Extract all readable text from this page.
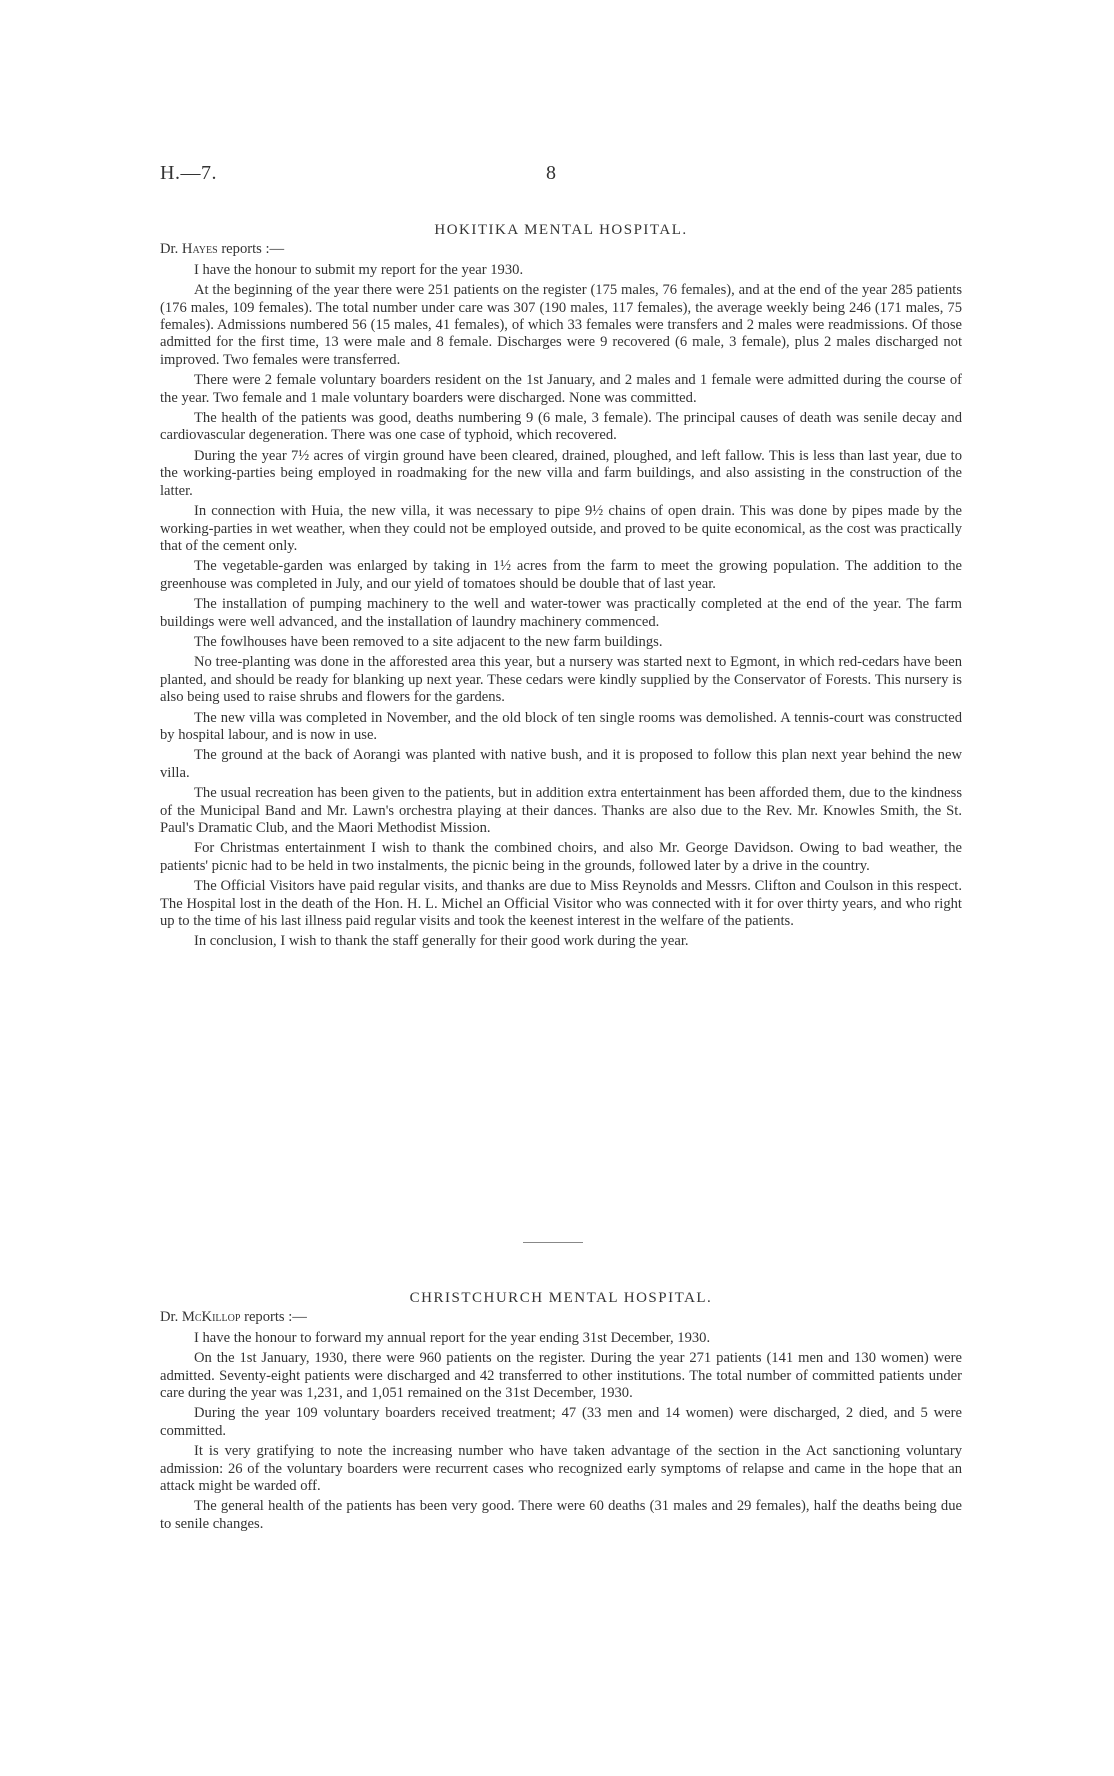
H.—7.	8
HOKITIKA MENTAL HOSPITAL.
Dr. Hayes reports :—

I have the honour to submit my report for the year 1930.

At the beginning of the year there were 251 patients on the register (175 males, 76 females), and at the end of the year 285 patients (176 males, 109 females). The total number under care was 307 (190 males, 117 females), the average weekly being 246 (171 males, 75 females). Admissions numbered 56 (15 males, 41 females), of which 33 females were transfers and 2 males were readmissions. Of those admitted for the first time, 13 were male and 8 female. Discharges were 9 recovered (6 male, 3 female), plus 2 males discharged not improved. Two females were transferred.

There were 2 female voluntary boarders resident on the 1st January, and 2 males and 1 female were admitted during the course of the year. Two female and 1 male voluntary boarders were discharged. None was committed.

The health of the patients was good, deaths numbering 9 (6 male, 3 female). The principal causes of death was senile decay and cardiovascular degeneration. There was one case of typhoid, which recovered.

During the year 7½ acres of virgin ground have been cleared, drained, ploughed, and left fallow. This is less than last year, due to the working-parties being employed in roadmaking for the new villa and farm buildings, and also assisting in the construction of the latter.

In connection with Huia, the new villa, it was necessary to pipe 9½ chains of open drain. This was done by pipes made by the working-parties in wet weather, when they could not be employed outside, and proved to be quite economical, as the cost was practically that of the cement only.

The vegetable-garden was enlarged by taking in 1½ acres from the farm to meet the growing population. The addition to the greenhouse was completed in July, and our yield of tomatoes should be double that of last year.

The installation of pumping machinery to the well and water-tower was practically completed at the end of the year. The farm buildings were well advanced, and the installation of laundry machinery commenced.

The fowlhouses have been removed to a site adjacent to the new farm buildings.

No tree-planting was done in the afforested area this year, but a nursery was started next to Egmont, in which red-cedars have been planted, and should be ready for blanking up next year. These cedars were kindly supplied by the Conservator of Forests. This nursery is also being used to raise shrubs and flowers for the gardens.

The new villa was completed in November, and the old block of ten single rooms was demolished. A tennis-court was constructed by hospital labour, and is now in use.

The ground at the back of Aorangi was planted with native bush, and it is proposed to follow this plan next year behind the new villa.

The usual recreation has been given to the patients, but in addition extra entertainment has been afforded them, due to the kindness of the Municipal Band and Mr. Lawn's orchestra playing at their dances. Thanks are also due to the Rev. Mr. Knowles Smith, the St. Paul's Dramatic Club, and the Maori Methodist Mission.

For Christmas entertainment I wish to thank the combined choirs, and also Mr. George Davidson. Owing to bad weather, the patients' picnic had to be held in two instalments, the picnic being in the grounds, followed later by a drive in the country.

The Official Visitors have paid regular visits, and thanks are due to Miss Reynolds and Messrs. Clifton and Coulson in this respect. The Hospital lost in the death of the Hon. H. L. Michel an Official Visitor who was connected with it for over thirty years, and who right up to the time of his last illness paid regular visits and took the keenest interest in the welfare of the patients.

In conclusion, I wish to thank the staff generally for their good work during the year.

CHRISTCHURCH MENTAL HOSPITAL.
Dr. McKillop reports :—

I have the honour to forward my annual report for the year ending 31st December, 1930.

On the 1st January, 1930, there were 960 patients on the register. During the year 271 patients (141 men and 130 women) were admitted. Seventy-eight patients were discharged and 42 transferred to other institutions. The total number of committed patients under care during the year was 1,231, and 1,051 remained on the 31st December, 1930.

During the year 109 voluntary boarders received treatment; 47 (33 men and 14 women) were discharged, 2 died, and 5 were committed.

It is very gratifying to note the increasing number who have taken advantage of the section in the Act sanctioning voluntary admission: 26 of the voluntary boarders were recurrent cases who recognized early symptoms of relapse and came in the hope that an attack might be warded off.

The general health of the patients has been very good. There were 60 deaths (31 males and 29 females), half the deaths being due to senile changes.
